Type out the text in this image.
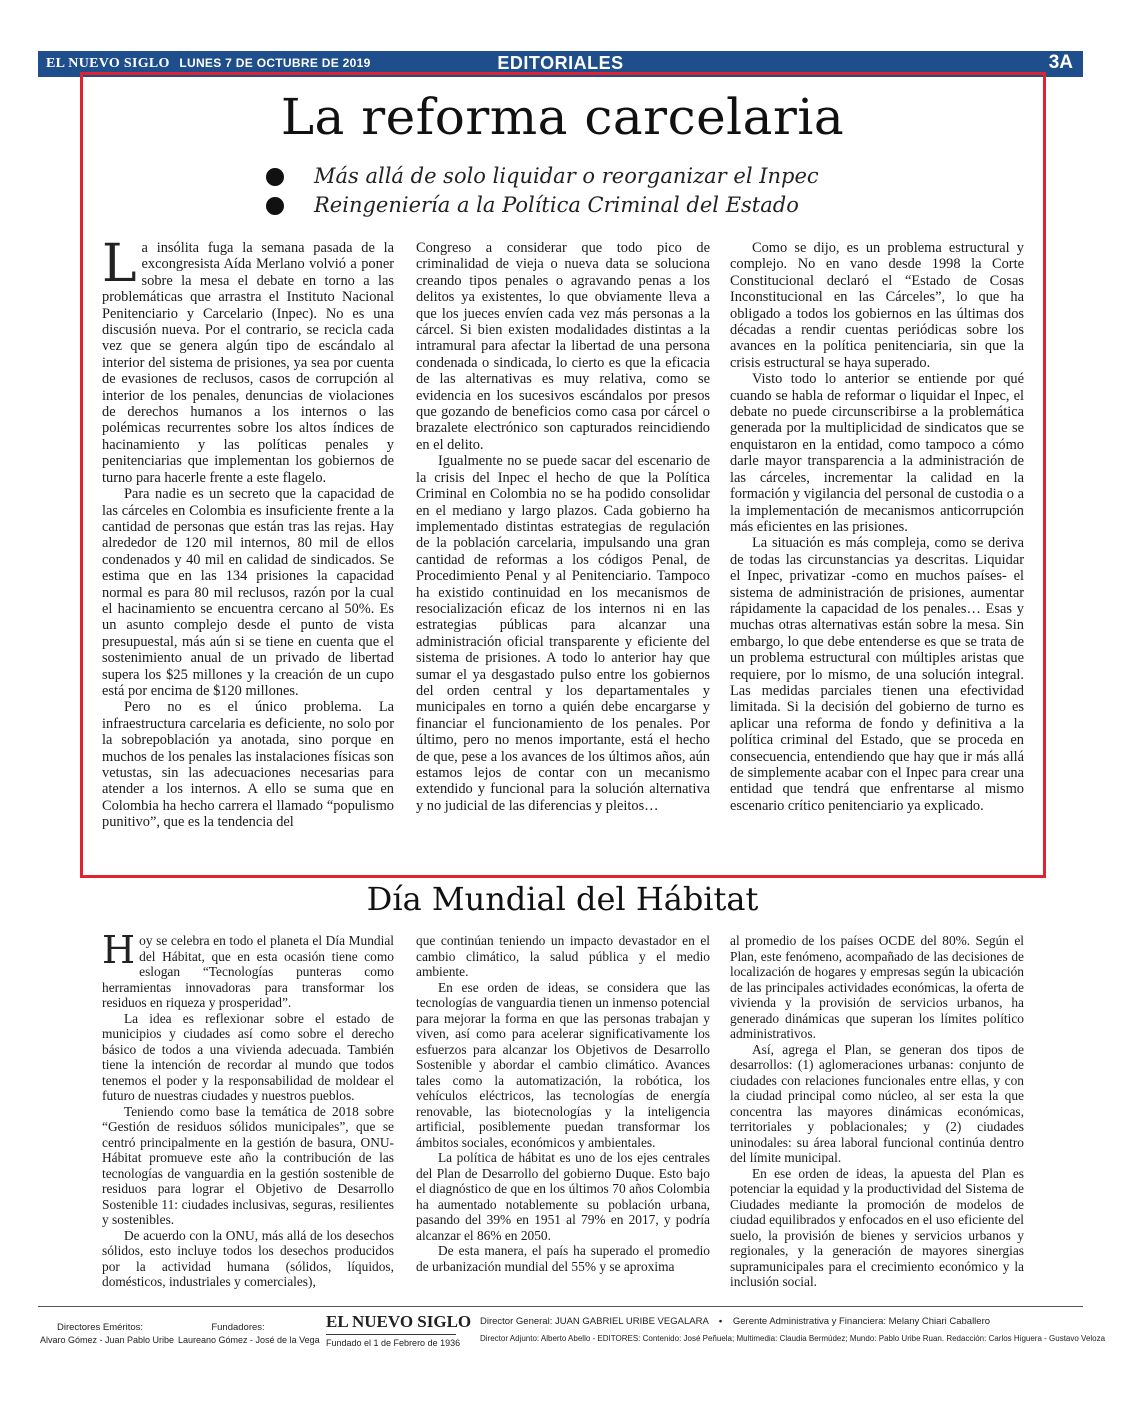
EL NUEVO SIGLO LUNES 7 DE OCTUBRE DE 2019	EDITORIALES	3A
La reforma carcelaria
Más allá de solo liquidar o reorganizar el Inpec
Reingeniería a la Política Criminal del Estado

La insólita fuga la semana pasada de la excongresista Aída Merlano volvió a poner sobre la mesa el debate en torno a las problemáticas que arrastra el Instituto Nacional Penitenciario y Carcelario (Inpec). No es una discusión nueva. Por el contrario, se recicla cada vez que se genera algún tipo de escándalo al interior del sistema de prisiones, ya sea por cuenta de evasiones de reclusos, casos de corrupción al interior de los penales, denuncias de violaciones de derechos humanos a los internos o las polémicas recurrentes sobre los altos índices de hacinamiento y las políticas penales y penitenciarias que implementan los gobiernos de turno para hacerle frente a este flagelo.

Para nadie es un secreto que la capacidad de las cárceles en Colombia es insuficiente frente a la cantidad de personas que están tras las rejas. Hay alrededor de 120 mil internos, 80 mil de ellos condenados y 40 mil en calidad de sindicados. Se estima que en las 134 prisiones la capacidad normal es para 80 mil reclusos, razón por la cual el hacinamiento se encuentra cercano al 50%. Es un asunto complejo desde el punto de vista presupuestal, más aún si se tiene en cuenta que el sostenimiento anual de un privado de libertad supera los $25 millones y la creación de un cupo está por encima de $120 millones.

Pero no es el único problema. La infraestructura carcelaria es deficiente, no solo por la sobrepoblación ya anotada, sino porque en muchos de los penales las instalaciones físicas son vetustas, sin las adecuaciones necesarias para atender a los internos. A ello se suma que en Colombia ha hecho carrera el llamado “populismo punitivo”, que es la tendencia del

Congreso a considerar que todo pico de criminalidad de vieja o nueva data se soluciona creando tipos penales o agravando penas a los delitos ya existentes, lo que obviamente lleva a que los jueces envíen cada vez más personas a la cárcel. Si bien existen modalidades distintas a la intramural para afectar la libertad de una persona condenada o sindicada, lo cierto es que la eficacia de las alternativas es muy relativa, como se evidencia en los sucesivos escándalos por presos que gozando de beneficios como casa por cárcel o brazalete electrónico son capturados reincidiendo en el delito.

Igualmente no se puede sacar del escenario de la crisis del Inpec el hecho de que la Política Criminal en Colombia no se ha podido consolidar en el mediano y largo plazos. Cada gobierno ha implementado distintas estrategias de regulación de la población carcelaria, impulsando una gran cantidad de reformas a los códigos Penal, de Procedimiento Penal y al Penitenciario. Tampoco ha existido continuidad en los mecanismos de resocialización eficaz de los internos ni en las estrategias públicas para alcanzar una administración oficial transparente y eficiente del sistema de prisiones. A todo lo anterior hay que sumar el ya desgastado pulso entre los gobiernos del orden central y los departamentales y municipales en torno a quién debe encargarse y financiar el funcionamiento de los penales. Por último, pero no menos importante, está el hecho de que, pese a los avances de los últimos años, aún estamos lejos de contar con un mecanismo extendido y funcional para la solución alternativa y no judicial de las diferencias y pleitos…

Como se dijo, es un problema estructural y complejo. No en vano desde 1998 la Corte Constitucional declaró el “Estado de Cosas Inconstitucional en las Cárceles”, lo que ha obligado a todos los gobiernos en las últimas dos décadas a rendir cuentas periódicas sobre los avances en la política penitenciaria, sin que la crisis estructural se haya superado.

Visto todo lo anterior se entiende por qué cuando se habla de reformar o liquidar el Inpec, el debate no puede circunscribirse a la problemática generada por la multiplicidad de sindicatos que se enquistaron en la entidad, como tampoco a cómo darle mayor transparencia a la administración de las cárceles, incrementar la calidad en la formación y vigilancia del personal de custodia o a la implementación de mecanismos anticorrupción más eficientes en las prisiones.

La situación es más compleja, como se deriva de todas las circunstancias ya descritas. Liquidar el Inpec, privatizar -como en muchos países- el sistema de administración de prisiones, aumentar rápidamente la capacidad de los penales… Esas y muchas otras alternativas están sobre la mesa. Sin embargo, lo que debe entenderse es que se trata de un problema estructural con múltiples aristas que requiere, por lo mismo, de una solución integral. Las medidas parciales tienen una efectividad limitada. Si la decisión del gobierno de turno es aplicar una reforma de fondo y definitiva a la política criminal del Estado, que se proceda en consecuencia, entendiendo que hay que ir más allá de simplemente acabar con el Inpec para crear una entidad que tendrá que enfrentarse al mismo escenario crítico penitenciario ya explicado.

Día Mundial del Hábitat

Hoy se celebra en todo el planeta el Día Mundial del Hábitat, que en esta ocasión tiene como eslogan “Tecnologías punteras como herramientas innovadoras para transformar los residuos en riqueza y prosperidad”.

La idea es reflexionar sobre el estado de municipios y ciudades así como sobre el derecho básico de todos a una vivienda adecuada. También tiene la intención de recordar al mundo que todos tenemos el poder y la responsabilidad de moldear el futuro de nuestras ciudades y nuestros pueblos.

Teniendo como base la temática de 2018 sobre “Gestión de residuos sólidos municipales”, que se centró principalmente en la gestión de basura, ONU-Hábitat promueve este año la contribución de las tecnologías de vanguardia en la gestión sostenible de residuos para lograr el Objetivo de Desarrollo Sostenible 11: ciudades inclusivas, seguras, resilientes y sostenibles.

De acuerdo con la ONU, más allá de los desechos sólidos, esto incluye todos los desechos producidos por la actividad humana (sólidos, líquidos, domésticos, industriales y comerciales),

que continúan teniendo un impacto devastador en el cambio climático, la salud pública y el medio ambiente.

En ese orden de ideas, se considera que las tecnologías de vanguardia tienen un inmenso potencial para mejorar la forma en que las personas trabajan y viven, así como para acelerar significativamente los esfuerzos para alcanzar los Objetivos de Desarrollo Sostenible y abordar el cambio climático. Avances tales como la automatización, la robótica, los vehículos eléctricos, las tecnologías de energía renovable, las biotecnologías y la inteligencia artificial, posiblemente puedan transformar los ámbitos sociales, económicos y ambientales.

La política de hábitat es uno de los ejes centrales del Plan de Desarrollo del gobierno Duque. Esto bajo el diagnóstico de que en los últimos 70 años Colombia ha aumentado notablemente su población urbana, pasando del 39% en 1951 al 79% en 2017, y podría alcanzar el 86% en 2050.

De esta manera, el país ha superado el promedio de urbanización mundial del 55% y se aproxima

al promedio de los países OCDE del 80%. Según el Plan, este fenómeno, acompañado de las decisiones de localización de hogares y empresas según la ubicación de las principales actividades económicas, la oferta de vivienda y la provisión de servicios urbanos, ha generado dinámicas que superan los límites político administrativos.

Así, agrega el Plan, se generan dos tipos de desarrollos: (1) aglomeraciones urbanas: conjunto de ciudades con relaciones funcionales entre ellas, y con la ciudad principal como núcleo, al ser esta la que concentra las mayores dinámicas económicas, territoriales y poblacionales; y (2) ciudades uninodales: su área laboral funcional continúa dentro del límite municipal.

En ese orden de ideas, la apuesta del Plan es potenciar la equidad y la productividad del Sistema de Ciudades mediante la promoción de modelos de ciudad equilibrados y enfocados en el uso eficiente del suelo, la provisión de bienes y servicios urbanos y regionales, y la generación de mayores sinergias supramunicipales para el crecimiento económico y la inclusión social.

Directores Eméritos:
Alvaro Gómez - Juan Pablo Uribe
Fundadores:
Laureano Gómez - José de la Vega
EL NUEVO SIGLO
Fundado el 1 de Febrero de 1936
Director General: JUAN GABRIEL URIBE VEGALARA • Gerente Administrativa y Financiera: Melany Chiari Caballero
Director Adjunto: Alberto Abello - EDITORES: Contenido: José Peñuela; Multimedia: Claudia Bermúdez; Mundo: Pablo Uribe Ruan. Redacción: Carlos Higuera - Gustavo Veloza
